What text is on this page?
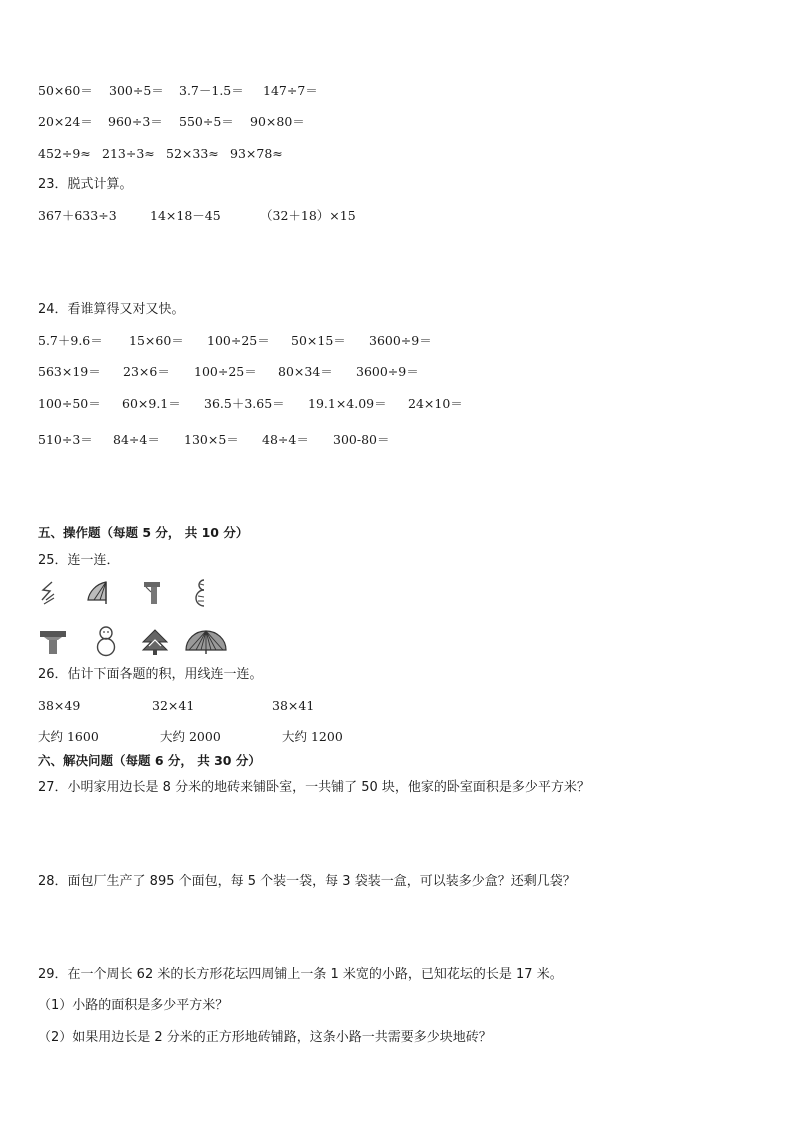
50×60＝ 300÷5＝ 3.7－1.5＝ 147÷7＝
20×24＝ 960÷3＝ 550÷5＝ 90×80＝
452÷9≈ 213÷3≈ 52×33≈ 93×78≈
23．脱式计算。
367＋633÷3	14×18－45	（32＋18）×15
24．看谁算得又对又快。
5.7＋9.6＝ 15×60＝ 100÷25＝ 50×15＝ 3600÷9＝
563×19＝ 23×6＝ 100÷25＝ 80×34＝ 3600÷9＝
100÷50＝ 60×9.1＝ 36.5＋3.65＝ 19.1×4.09＝ 24×10＝
510÷3＝ 84÷4＝ 130×5＝ 48÷4＝ 300-80＝
五、操作题（每题 5 分， 共 10 分）
25．连一连．
26．估计下面各题的积，用线连一连。
38×49	32×41	38×41
大约 1600	大约 2000	大约 1200
六、解决问题（每题 6 分， 共 30 分）
27．小明家用边长是 8 分米的地砖来铺卧室，一共铺了 50 块，他家的卧室面积是多少平方米？
28．面包厂生产了 895 个面包，每 5 个装一袋，每 3 袋装一盒，可以装多少盒？还剩几袋？
29．在一个周长 62 米的长方形花坛四周铺上一条 1 米宽的小路，已知花坛的长是 17 米。
（1）小路的面积是多少平方米？
（2）如果用边长是 2 分米的正方形地砖铺路，这条小路一共需要多少块地砖？
